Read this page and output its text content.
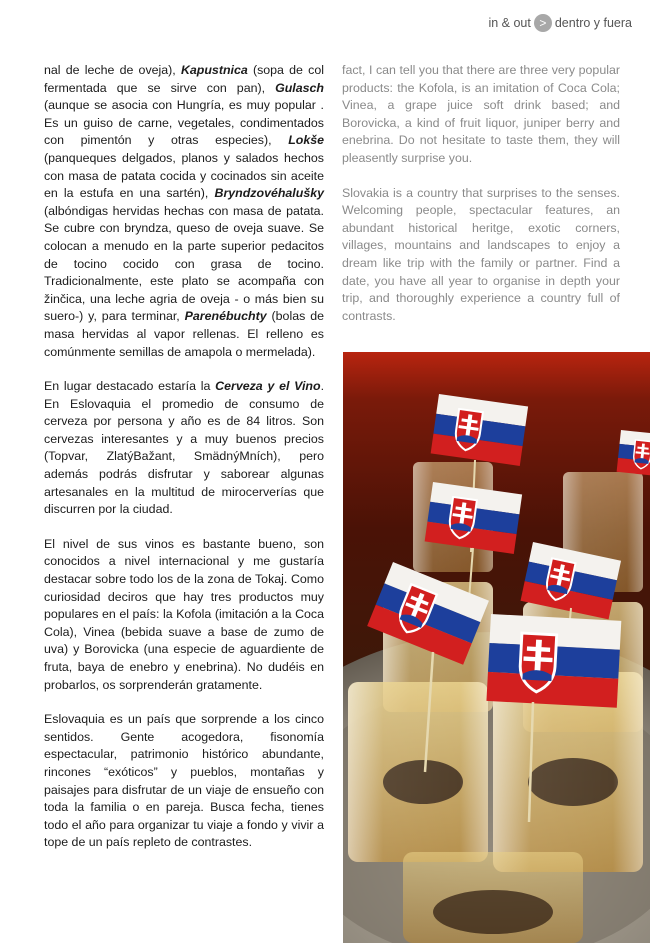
in & out > dentro y fuera

nal de leche de oveja), Kapustnica (sopa de col fermentada que se sirve con pan), Gulasch (aunque se asocia con Hungría, es muy popular . Es un guiso de carne, vegetales, condimentados con pimentón y otras especies), Lokše (panqueques delgados, planos y salados hechos con masa de patata cocida y cocinados sin aceite en la estufa en una sartén), Bryndzovéhalušky (albóndigas hervidas hechas con masa de patata. Se cubre con bryndza, queso de oveja suave. Se colocan a menudo en la parte superior pedacitos de tocino cocido con grasa de tocino. Tradicionalmente, este plato se acompaña con žinčica, una leche agria de oveja - o más bien su suero-) y, para terminar, Parenébuchty (bolas de masa hervidas al vapor rellenas. El relleno es comúnmente semillas de amapola o mermelada).

En lugar destacado estaría la Cerveza y el Vino. En Eslovaquia el promedio de consumo de cerveza por persona y año es de 84 litros. Son cervezas interesantes y a muy buenos precios (Topvar, ZlatýBažant, SmädnýMních), pero además podrás disfrutar y saborear algunas artesanales en la multitud de mirocerverías que discurren por la ciudad.

El nivel de sus vinos es bastante bueno, son conocidos a nivel internacional y me gustaría destacar sobre todo los de la zona de Tokaj. Como curiosidad deciros que hay tres productos muy populares en el país: la Kofola (imitación a la Coca Cola), Vinea (bebida suave a base de zumo de uva) y Borovicka (una especie de aguardiente de fruta, baya de enebro y enebrina). No dudéis en probarlos, os sorprenderán gratamente.

Eslovaquia es un país que sorprende a los cinco sentidos. Gente acogedora, fisonomía espectacular, patrimonio histórico abundante, rincones “exóticos” y pueblos, montañas y paisajes para disfrutar de un viaje de ensueño con toda la familia o en pareja. Busca fecha, tienes todo el año para organizar tu viaje a fondo y vivir a tope de un país repleto de contrastes.

fact, I can tell you that there are three very popular products: the Kofola, is an imitation of Coca Cola; Vinea, a grape juice soft drink based; and Borovicka, a kind of fruit liquor, juniper berry and enebrina. Do not hesitate to taste them, they will pleasently surprise you.

Slovakia is a country that surprises to the senses. Welcoming people, spectacular features, an abundant historical heritge, exotic corners, villages, mountains and landscapes to enjoy a dream like trip with the family or partner. Find a date, you have all year to organise in depth your trip, and thoroughly experience a country full of contrasts.
